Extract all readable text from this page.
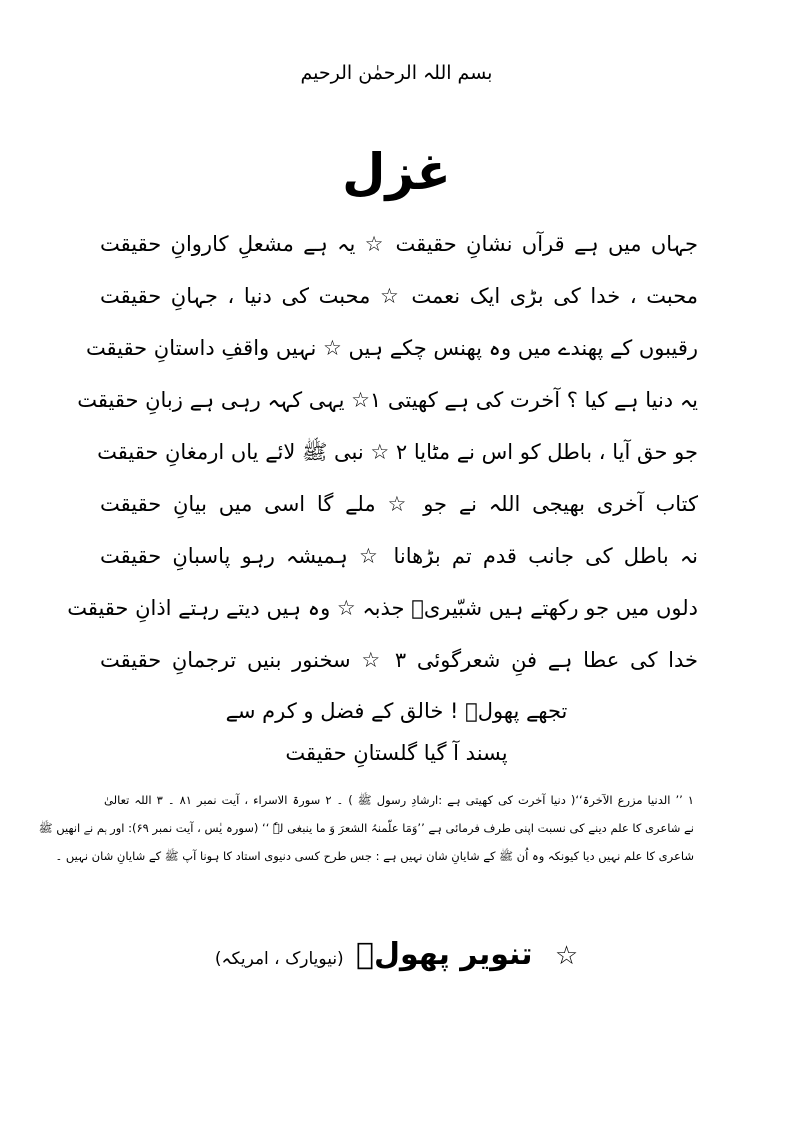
بسم اللہ الرحمٰن الرحیم
غزل
جہاں میں ہے قرآں نشانِ حقیقت ☆ یہ ہے مشعلِ کاروانِ حقیقت
محبت ، خدا کی بڑی ایک نعمت ☆ محبت کی دنیا ، جہانِ حقیقت
رقیبوں کے پھندے میں وہ پھنس چکے ہیں ☆ نہیں واقفِ داستانِ حقیقت
یہ دنیا ہے کیا ؟ آخرت کی ہے کھیتی ۱☆ یہی کہہ رہی ہے زبانِ حقیقت
جو حق آیا ، باطل کو اس نے مٹایا ۲ ☆ نبی ﷺ لائے یاں ارمغانِ حقیقت
کتاب آخری بھیجی اللہ نے جو ☆ ملے گا اسی میں بیانِ حقیقت
نہ باطل کی جانب قدم تم بڑھانا ☆ ہمیشہ رہو پاسبانِ حقیقت
دلوں میں جو رکھتے ہیں شبّیریؓ جذبہ ☆ وہ ہیں دیتے رہتے اذانِ حقیقت
خدا کی عطا ہے فنِ شعرگوئی ۳ ☆ سخنور بنیں ترجمانِ حقیقت
تجھے پھولؔ ! خالق کے فضل و کرم سے
پسند آ گیا گلستانِ حقیقت
۱ ’’ الدنیا مزرع الآخرۃ‘‘( دنیا آخرت کی کھیتی ہے :ارشادِ رسول ﷺ ) ۔ ۲ سورۃ الاسراء ، آیت نمبر ۸۱ ۔ ۳ اللہ تعالیٰ
نے شاعری کا علم دینے کی نسبت اپنی طرف فرمائی ہے ’’وَمَا علّمنہُ الشعرَ وَ ما ینبغی لہٗ ‘‘ (سورہ یٰس ، آیت نمبر ۶۹): اور ہم نے انھیں ﷺ
شاعری کا علم نہیں دیا کیونکہ وہ اُن ﷺ کے شایانِ شان نہیں ہے : جس طرح کسی دنیوی استاد کا ہونا آپ ﷺ کے شایانِ شان نہیں ۔
☆ تنویر پھولؔ (نیویارک ، امریکہ)
